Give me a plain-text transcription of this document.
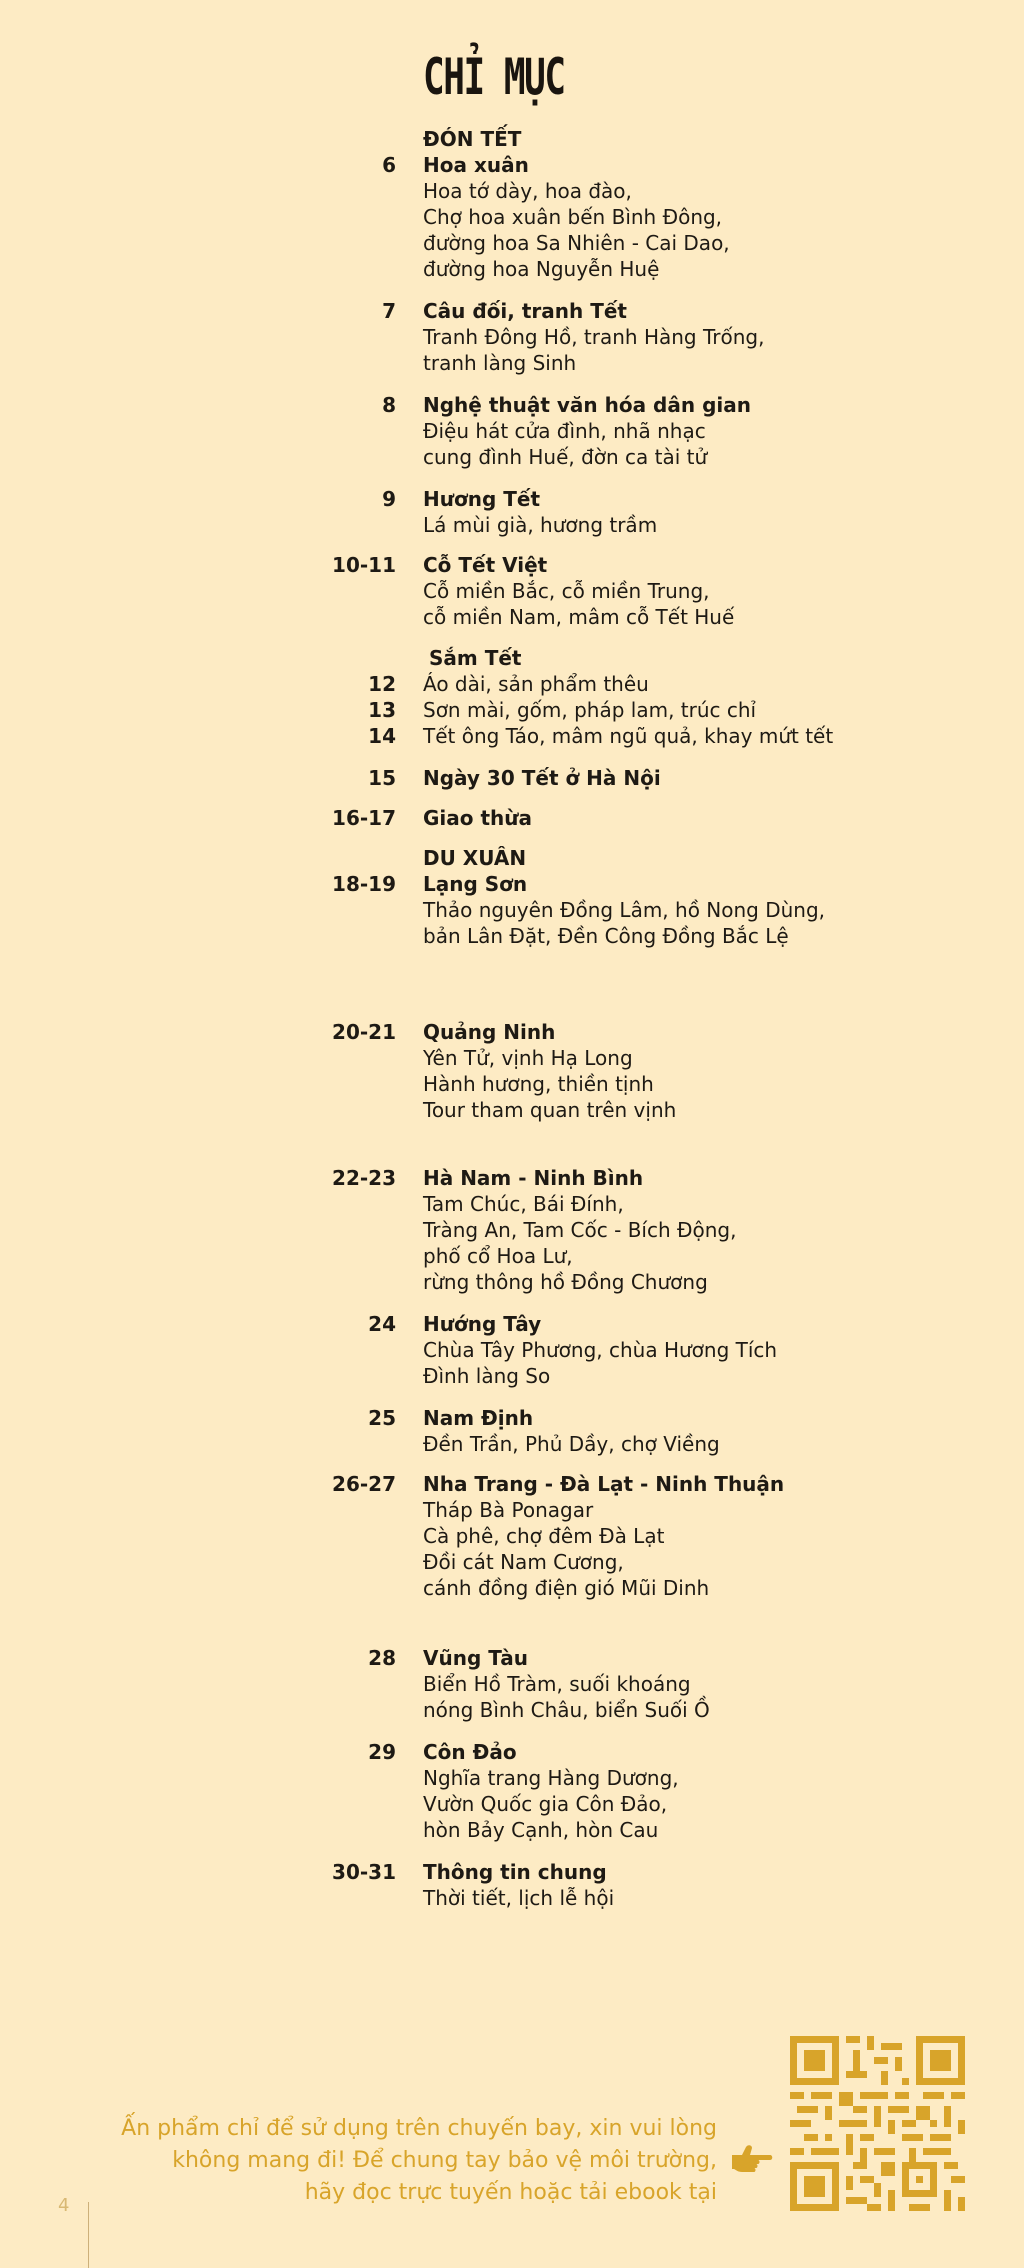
CHỈ MỤC
ĐÓN TẾT
6 Hoa xuân
Hoa tớ dày, hoa đào,
Chợ hoa xuân bến Bình Đông,
đường hoa Sa Nhiên - Cai Dao,
đường hoa Nguyễn Huệ
7 Câu đối, tranh Tết
Tranh Đông Hồ, tranh Hàng Trống,
tranh làng Sinh
8 Nghệ thuật văn hóa dân gian
Điệu hát cửa đình, nhã nhạc
cung đình Huế, đờn ca tài tử
9 Hương Tết
Lá mùi già, hương trầm
10-11 Cỗ Tết Việt
Cỗ miền Bắc, cỗ miền Trung,
cỗ miền Nam, mâm cỗ Tết Huế
Sắm Tết
12 Áo dài, sản phẩm thêu
13 Sơn mài, gốm, pháp lam, trúc chỉ
14 Tết ông Táo, mâm ngũ quả, khay mứt tết
15 Ngày 30 Tết ở Hà Nội
16-17 Giao thừa
DU XUÂN
18-19 Lạng Sơn
Thảo nguyên Đồng Lâm, hồ Nong Dùng,
bản Lân Đặt, Đền Công Đồng Bắc Lệ
20-21 Quảng Ninh
Yên Tử, vịnh Hạ Long
Hành hương, thiền tịnh
Tour tham quan trên vịnh
22-23 Hà Nam - Ninh Bình
Tam Chúc, Bái Đính,
Tràng An, Tam Cốc - Bích Động,
phố cổ Hoa Lư,
rừng thông hồ Đồng Chương
24 Hướng Tây
Chùa Tây Phương, chùa Hương Tích
Đình làng So
25 Nam Định
Đền Trần, Phủ Dầy, chợ Viềng
26-27 Nha Trang - Đà Lạt - Ninh Thuận
Tháp Bà Ponagar
Cà phê, chợ đêm Đà Lạt
Đồi cát Nam Cương,
cánh đồng điện gió Mũi Dinh
28 Vũng Tàu
Biển Hồ Tràm, suối khoáng
nóng Bình Châu, biển Suối Ồ
29 Côn Đảo
Nghĩa trang Hàng Dương,
Vườn Quốc gia Côn Đảo,
hòn Bảy Cạnh, hòn Cau
30-31 Thông tin chung
Thời tiết, lịch lễ hội
Ấn phẩm chỉ để sử dụng trên chuyến bay, xin vui lòng
không mang đi! Để chung tay bảo vệ môi trường,
hãy đọc trực tuyến hoặc tải ebook tại
4
